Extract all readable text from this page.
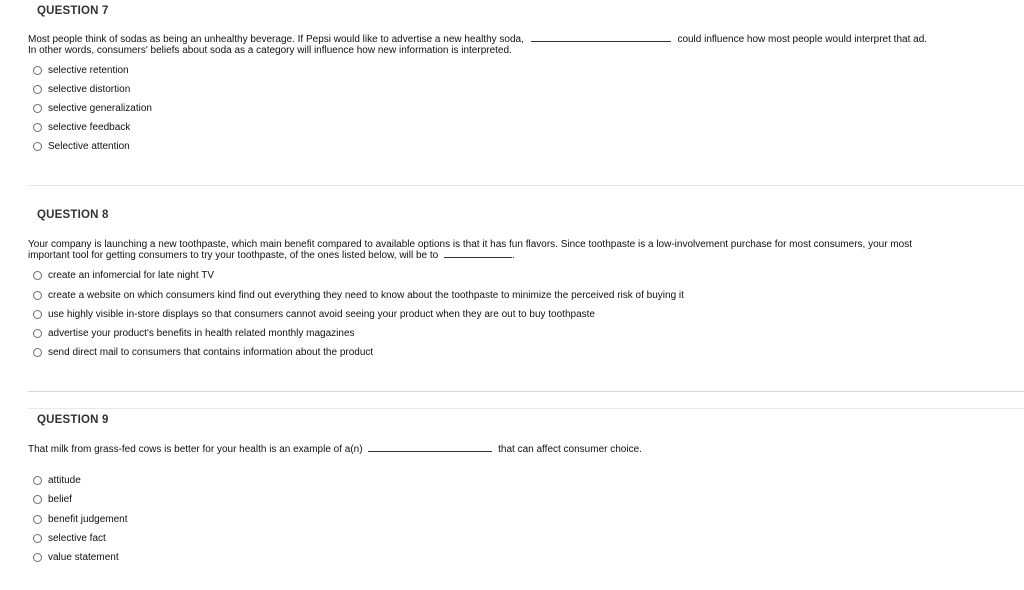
QUESTION 7
Most people think of sodas as being an unhealthy beverage. If Pepsi would like to advertise a new healthy soda,	could influence how most people would interpret that ad.
In other words, consumers' beliefs about soda as a category will influence how new information is interpreted.
selective retention
selective distortion
selective generalization
selective feedback
Selective attention
QUESTION 8
Your company is launching a new toothpaste, which main benefit compared to available options is that it has fun flavors. Since toothpaste is a low-involvement purchase for most consumers, your most
important tool for getting consumers to try your toothpaste, of the ones listed below, will be to	.
create an infomercial for late night TV
create a website on which consumers kind find out everything they need to know about the toothpaste to minimize the perceived risk of buying it
use highly visible in-store displays so that consumers cannot avoid seeing your product when they are out to buy toothpaste
advertise your product's benefits in health related monthly magazines
send direct mail to consumers that contains information about the product
QUESTION 9
That milk from grass-fed cows is better for your health is an example of a(n)	that can affect consumer choice.
attitude
belief
benefit judgement
selective fact
value statement
